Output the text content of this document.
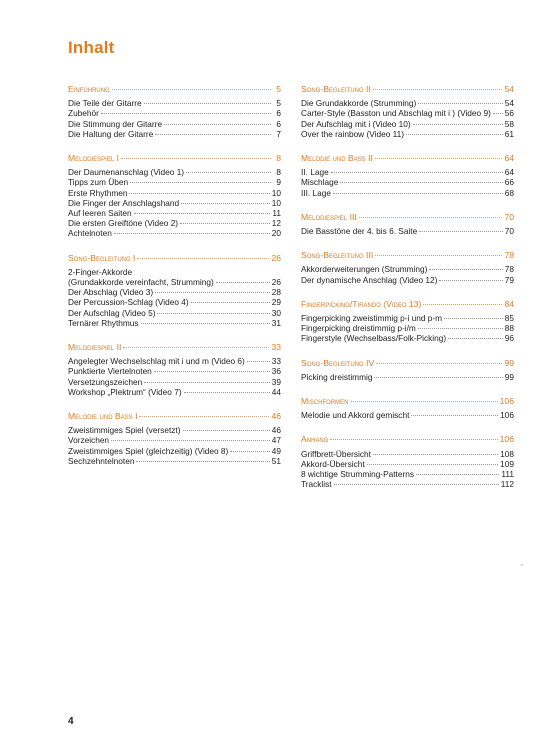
Inhalt
Einführung	5
Die Teile der Gitarre	5
Zubehör	6
Die Stimmung der Gitarre	6
Die Haltung der Gitarre	7
Melodiespiel I	8
Der Daumenanschlag (Video 1)	8
Tipps zum Üben	9
Erste Rhythmen	10
Die Finger der Anschlagshand	10
Auf leeren Saiten	11
Die ersten Greiftöne (Video 2)	12
Achtelnoten	20
Song-Begleitung I	26
2-Finger-Akkorde
(Grundakkorde vereinfacht, Strumming)	26
Der Abschlag (Video 3)	28
Der Percussion-Schlag (Video 4)	29
Der Aufschlag (Video 5)	30
Ternärer Rhythmus	31
Melodiespiel II	33
Angelegter Wechselschlag mit i und m (Video 6)	33
Punktierte Viertelnoten	36
Versetzungszeichen	39
Workshop „Plektrum“ (Video 7)	44
Melodie und Bass I	46
Zweistimmiges Spiel (versetzt)	46
Vorzeichen	47
Zweistimmiges Spiel (gleichzeitig) (Video 8)	49
Sechzehntelnoten	51
Song-Begleitung II	54
Die Grundakkorde (Strumming)	54
Carter-Style (Basston und Abschlag mit i ) (Video 9) 56
Der Aufschlag mit i (Video 10)	58
Over the rainbow (Video 11)	61
Melodie und Bass II	64
II. Lage	64
Mischlage	66
III. Lage	68
Melodiespiel III	70
Die Basstöne der 4. bis 6. Saite	70
Song-Begleitung III	78
Akkorderweiterungen (Strumming)	78
Der dynamische Anschlag (Video 12)	79
Fingerpicking/Tirando (Video 13)	84
Fingerpicking zweistimmig p-i und p-m	85
Fingerpicking dreistimmig p-i/m	88
Fingerstyle (Wechselbass/Folk-Picking)	96
Song-Begleitung IV	99
Picking dreistimmig	99
Mischformen	106
Melodie und Akkord gemischt	106
Anhang	106
Griffbrett-Übersicht	108
Akkord-Übersicht	109
8 wichtige Strumming-Patterns	111
Tracklist	112
~
4
